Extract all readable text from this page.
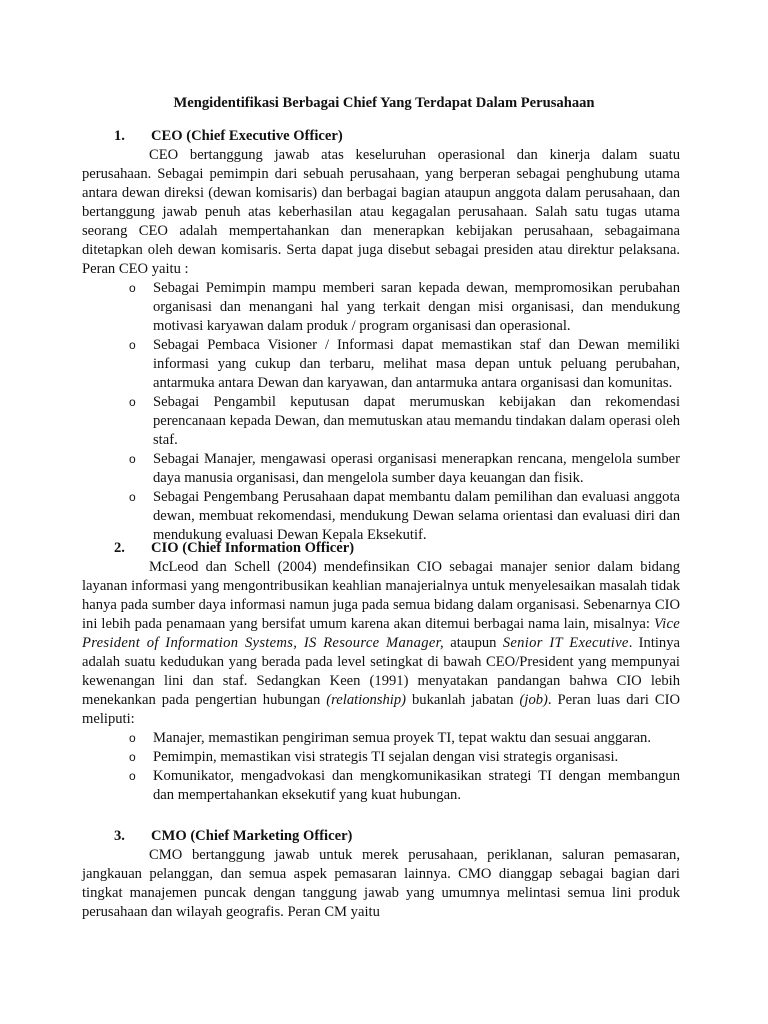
Mengidentifikasi Berbagai Chief Yang Terdapat Dalam Perusahaan
1. CEO (Chief Executive Officer)

CEO bertanggung jawab atas keseluruhan operasional dan kinerja dalam suatu perusahaan. Sebagai pemimpin dari sebuah perusahaan, yang berperan sebagai penghubung utama antara dewan direksi (dewan komisaris) dan berbagai bagian ataupun anggota dalam perusahaan, dan bertanggung jawab penuh atas keberhasilan atau kegagalan perusahaan. Salah satu tugas utama seorang CEO adalah mempertahankan dan menerapkan kebijakan perusahaan, sebagaimana ditetapkan oleh dewan komisaris. Serta dapat juga disebut sebagai presiden atau direktur pelaksana. Peran CEO yaitu :

o Sebagai Pemimpin mampu memberi saran kepada dewan, mempromosikan perubahan organisasi dan menangani hal yang terkait dengan misi organisasi, dan mendukung motivasi karyawan dalam produk / program organisasi dan operasional.
o Sebagai Pembaca Visioner / Informasi dapat memastikan staf dan Dewan memiliki informasi yang cukup dan terbaru, melihat masa depan untuk peluang perubahan, antarmuka antara Dewan dan karyawan, dan antarmuka antara organisasi dan komunitas.
o Sebagai Pengambil keputusan dapat merumuskan kebijakan dan rekomendasi perencanaan kepada Dewan, dan memutuskan atau memandu tindakan dalam operasi oleh staf.
o Sebagai Manajer, mengawasi operasi organisasi menerapkan rencana, mengelola sumber daya manusia organisasi, dan mengelola sumber daya keuangan dan fisik.
o Sebagai Pengembang Perusahaan dapat membantu dalam pemilihan dan evaluasi anggota dewan, membuat rekomendasi, mendukung Dewan selama orientasi dan evaluasi diri dan mendukung evaluasi Dewan Kepala Eksekutif.
2. CIO (Chief Information Officer)

McLeod dan Schell (2004) mendefinsikan CIO sebagai manajer senior dalam bidang layanan informasi yang mengontribusikan keahlian manajerialnya untuk menyelesaikan masalah tidak hanya pada sumber daya informasi namun juga pada semua bidang dalam organisasi. Sebenarnya CIO ini lebih pada penamaan yang bersifat umum karena akan ditemui berbagai nama lain, misalnya: Vice President of Information Systems, IS Resource Manager, ataupun Senior IT Executive. Intinya adalah suatu kedudukan yang berada pada level setingkat di bawah CEO/President yang mempunyai kewenangan lini dan staf. Sedangkan Keen (1991) menyatakan pandangan bahwa CIO lebih menekankan pada pengertian hubungan (relationship) bukanlah jabatan (job). Peran luas dari CIO meliputi:

o Manajer, memastikan pengiriman semua proyek TI, tepat waktu dan sesuai anggaran.
o Pemimpin, memastikan visi strategis TI sejalan dengan visi strategis organisasi.
o Komunikator, mengadvokasi dan mengkomunikasikan strategi TI dengan membangun dan mempertahankan eksekutif yang kuat hubungan.
3. CMO (Chief Marketing Officer)

CMO bertanggung jawab untuk merek perusahaan, periklanan, saluran pemasaran, jangkauan pelanggan, dan semua aspek pemasaran lainnya. CMO dianggap sebagai bagian dari tingkat manajemen puncak dengan tanggung jawab yang umumnya melintasi semua lini produk perusahaan dan wilayah geografis. Peran CM yaitu
